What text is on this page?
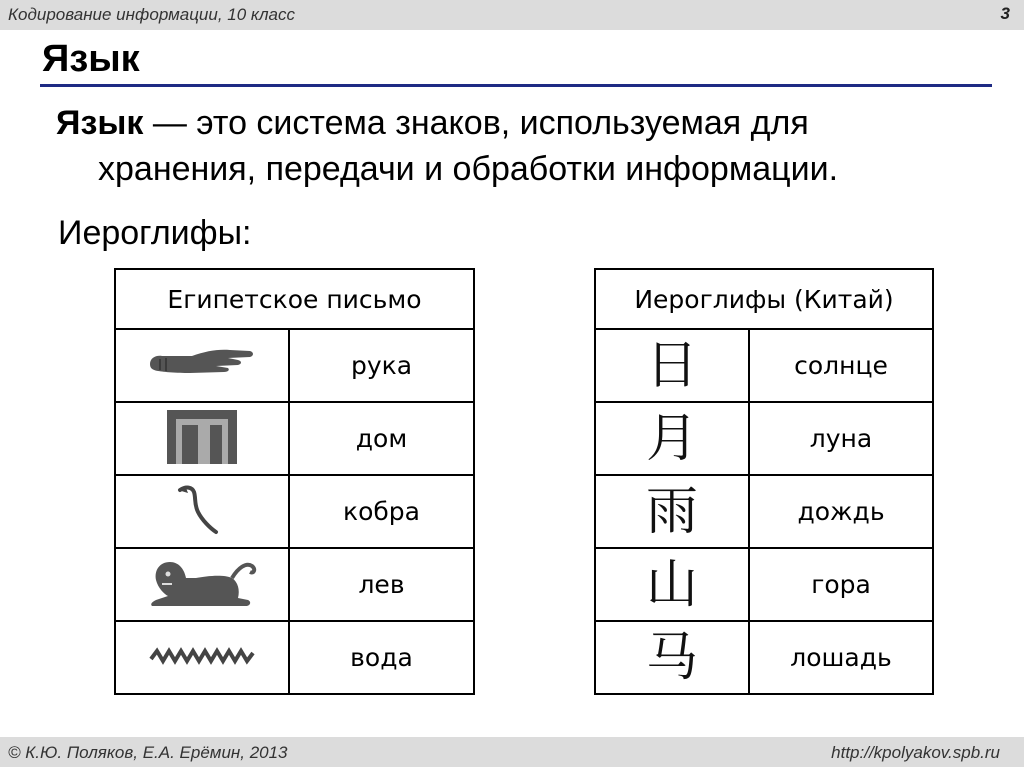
Кодирование информации, 10 класс	3
Язык
Язык — это система знаков, используемая для
хранения, передачи и обработки информации.
Иероглифы:
Египетское письмо	
	рука
	дом
	кобра
	лев
	вода
Иероглифы (Китай)	
日	солнце
月	луна
雨	дождь
山	гора
马	лошадь
© К.Ю. Поляков, Е.А. Ерёмин, 2013	http://kpolyakov.spb.ru
